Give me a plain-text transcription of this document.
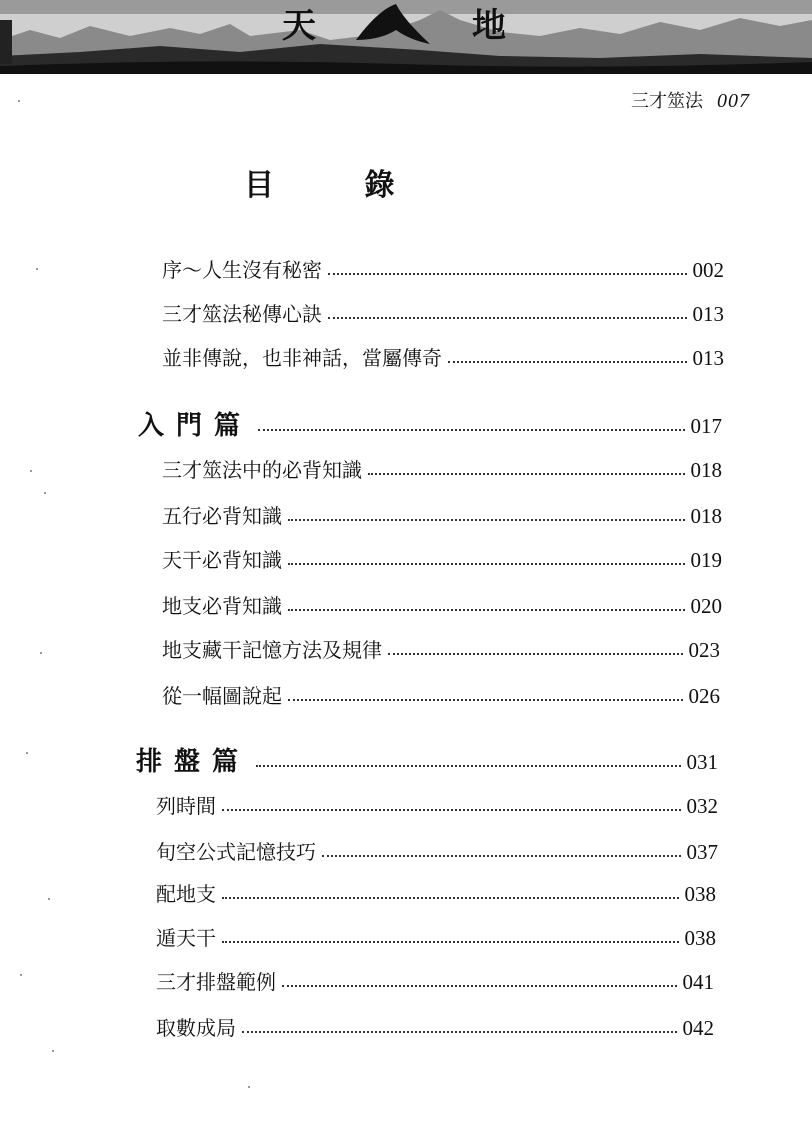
天	地
三才筮法 007
目 錄
序～人生沒有秘密	002
三才筮法秘傳心訣	013
並非傳說，也非神話，當屬傳奇	013
入門篇	017
三才筮法中的必背知識	018
五行必背知識	018
天干必背知識	019
地支必背知識	020
地支藏干記憶方法及規律	023
從一幅圖說起	026
排盤篇	031
列時間	032
旬空公式記憶技巧	037
配地支	038
遁天干	038
三才排盤範例	041
取數成局	042
